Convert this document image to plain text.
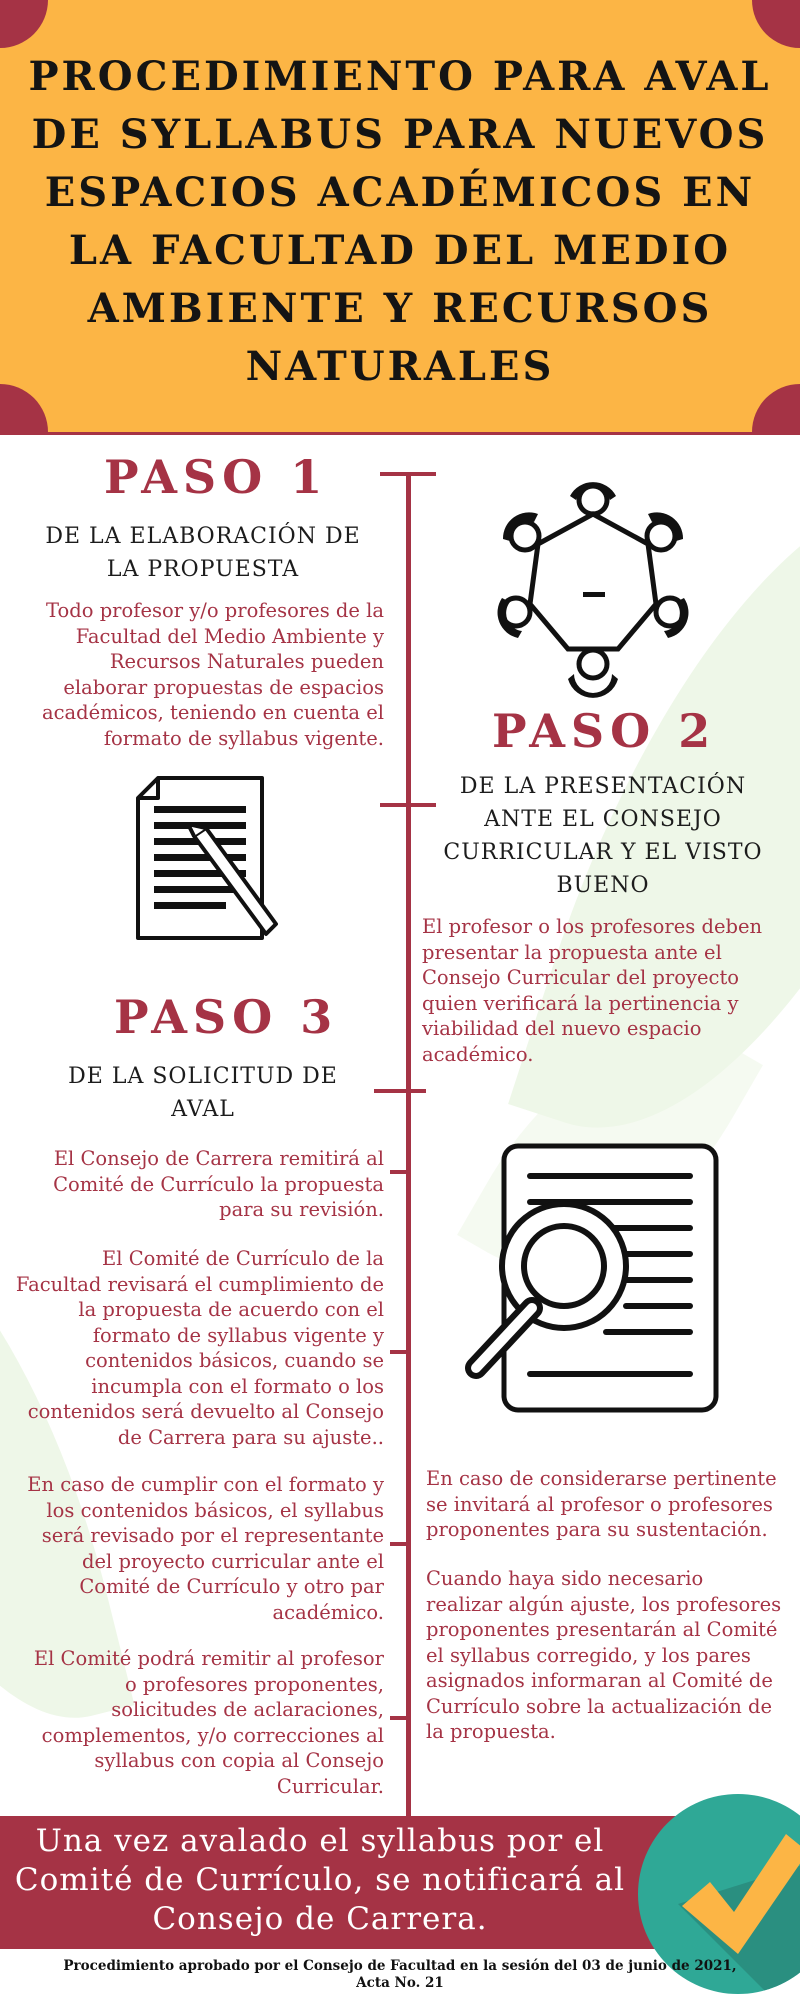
PROCEDIMIENTO PARA AVAL DE SYLLABUS PARA NUEVOS ESPACIOS ACADÉMICOS EN LA FACULTAD DEL MEDIO AMBIENTE Y RECURSOS NATURALES
PASO 1
DE LA ELABORACIÓN DE LA PROPUESTA
Todo profesor y/o profesores de la Facultad del Medio Ambiente y Recursos Naturales pueden elaborar propuestas de espacios académicos, teniendo en cuenta el formato de syllabus vigente. PASO 2
DE LA PRESENTACIÓN ANTE EL CONSEJO CURRICULAR Y EL VISTO BUENO
El profesor o los profesores deben presentar la propuesta ante el Consejo Curricular del proyecto quien verificará la pertinencia y viabilidad del nuevo espacio académico.
PASO 3
DE LA SOLICITUD DE AVAL
El Consejo de Carrera remitirá al Comité de Currículo la propuesta para su revisión.
El Comité de Currículo de la Facultad revisará el cumplimiento de la propuesta de acuerdo con el formato de syllabus vigente y contenidos básicos, cuando se incumpla con el formato o los contenidos será devuelto al Consejo de Carrera para su ajuste..
En caso de cumplir con el formato y los contenidos básicos, el syllabus será revisado por el representante del proyecto curricular ante el Comité de Currículo y otro par académico.
El Comité podrá remitir al profesor o profesores proponentes, solicitudes de aclaraciones, complementos, y/o correcciones al syllabus con copia al Consejo Curricular.
En caso de considerarse pertinente se invitará al profesor o profesores proponentes para su sustentación.
Cuando haya sido necesario realizar algún ajuste, los profesores proponentes presentarán al Comité el syllabus corregido, y los pares asignados informaran al Comité de Currículo sobre la actualización de la propuesta.
Una vez avalado el syllabus por el Comité de Currículo, se notificará al Consejo de Carrera.
Procedimiento aprobado por el Consejo de Facultad en la sesión del 03 de junio de 2021,
Acta No. 21
